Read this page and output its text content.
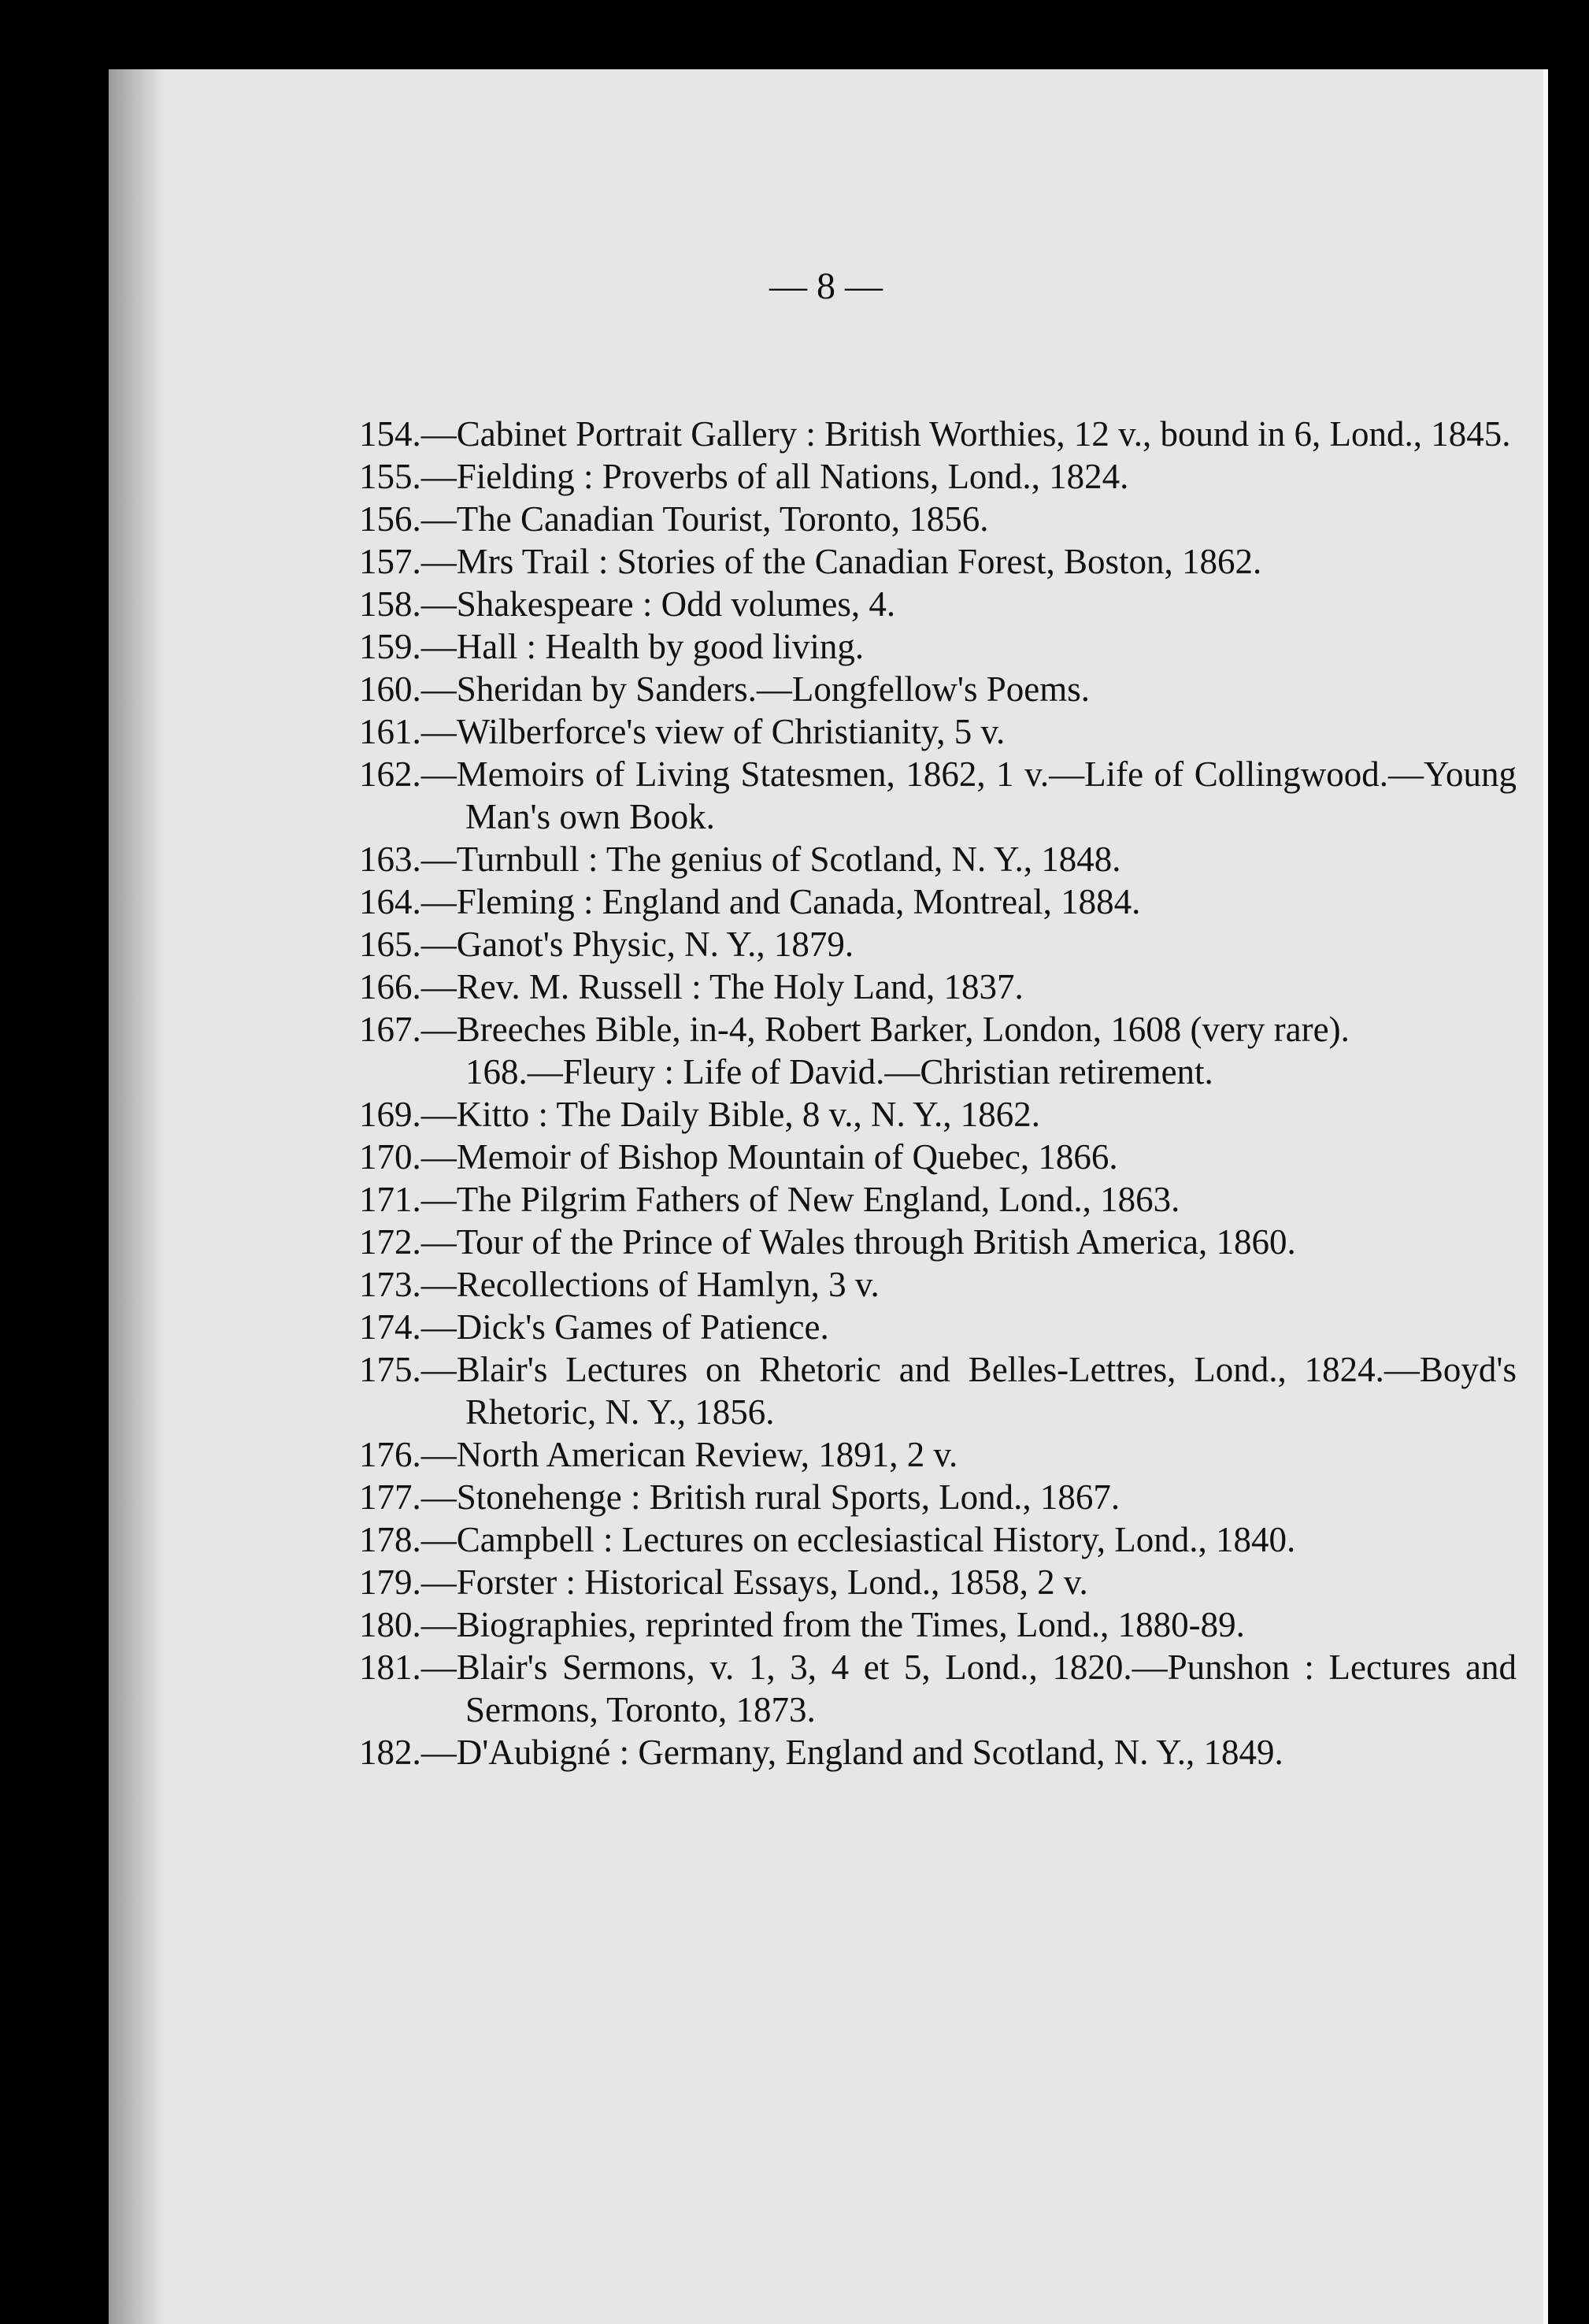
— 8 —
154.—Cabinet Portrait Gallery : British Worthies, 12 v., bound in 6, Lond., 1845.
155.—Fielding : Proverbs of all Nations, Lond., 1824.
156.—The Canadian Tourist, Toronto, 1856.
157.—Mrs Trail : Stories of the Canadian Forest, Boston, 1862.
158.—Shakespeare : Odd volumes, 4.
159.—Hall : Health by good living.
160.—Sheridan by Sanders.—Longfellow's Poems.
161.—Wilberforce's view of Christianity, 5 v.
162.—Memoirs of Living Statesmen, 1862, 1 v.—Life of Collingwood.—Young Man's own Book.
163.—Turnbull : The genius of Scotland, N. Y., 1848.
164.—Fleming : England and Canada, Montreal, 1884.
165.—Ganot's Physic, N. Y., 1879.
166.—Rev. M. Russell : The Holy Land, 1837.
167.—Breeches Bible, in-4, Robert Barker, London, 1608 (very rare).
168.—Fleury : Life of David.—Christian retirement.
169.—Kitto : The Daily Bible, 8 v., N. Y., 1862.
170.—Memoir of Bishop Mountain of Quebec, 1866.
171.—The Pilgrim Fathers of New England, Lond., 1863.
172.—Tour of the Prince of Wales through British America, 1860.
173.—Recollections of Hamlyn, 3 v.
174.—Dick's Games of Patience.
175.—Blair's Lectures on Rhetoric and Belles-Lettres, Lond., 1824.—Boyd's Rhetoric, N. Y., 1856.
176.—North American Review, 1891, 2 v.
177.—Stonehenge : British rural Sports, Lond., 1867.
178.—Campbell : Lectures on ecclesiastical History, Lond., 1840.
179.—Forster : Historical Essays, Lond., 1858, 2 v.
180.—Biographies, reprinted from the Times, Lond., 1880-89.
181.—Blair's Sermons, v. 1, 3, 4 et 5, Lond., 1820.—Punshon : Lectures and Sermons, Toronto, 1873.
182.—D'Aubigné : Germany, England and Scotland, N. Y., 1849.
